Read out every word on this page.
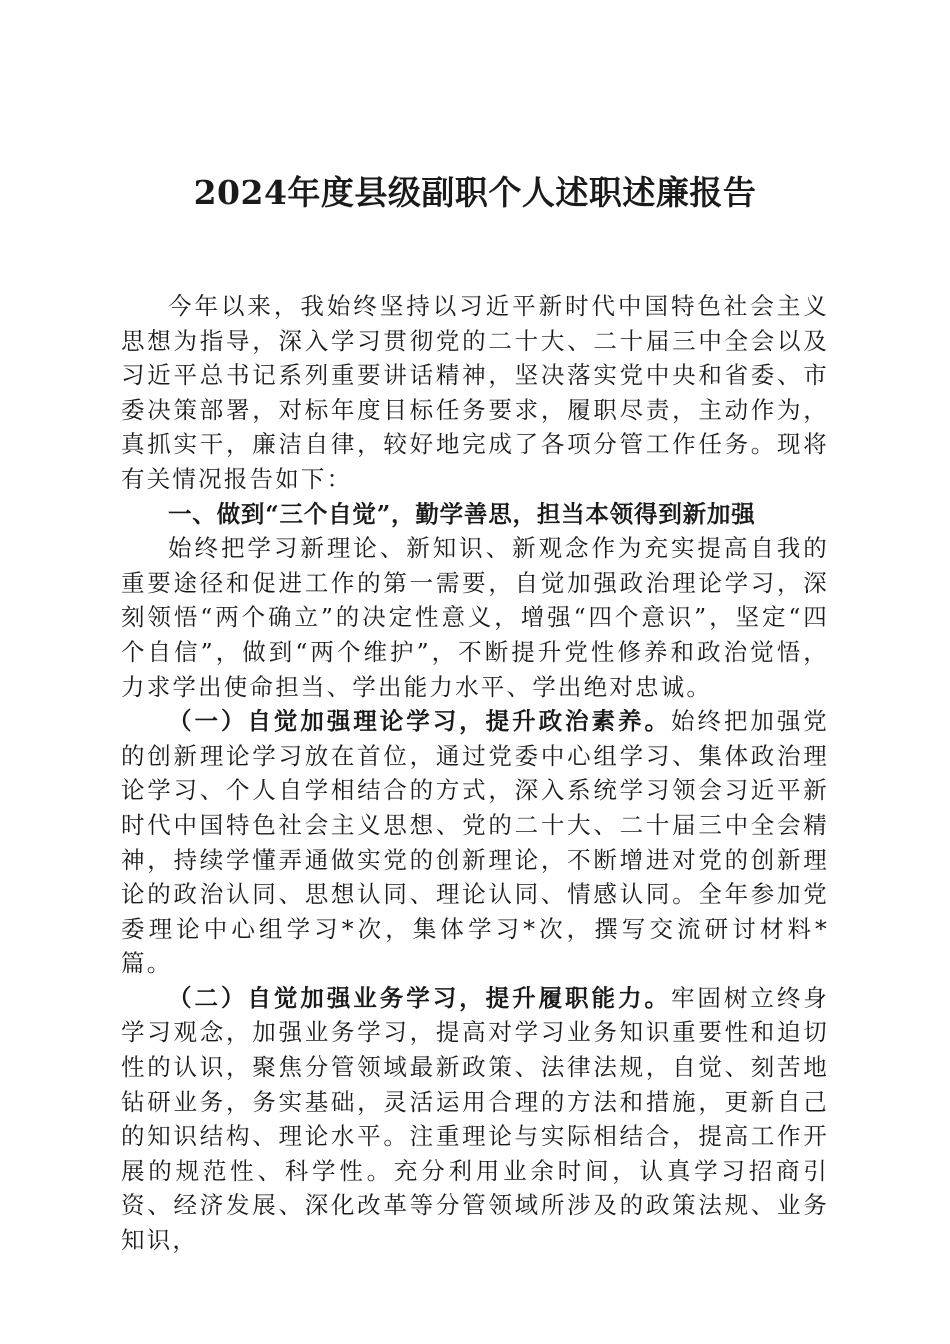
2024年度县级副职个人述职述廉报告

今年以来，我始终坚持以习近平新时代中国特色社会主义思想为指导，深入学习贯彻党的二十大、二十届三中全会以及习近平总书记系列重要讲话精神，坚决落实党中央和省委、市委决策部署，对标年度目标任务要求，履职尽责，主动作为，真抓实干，廉洁自律，较好地完成了各项分管工作任务。现将有关情况报告如下：

一、做到“三个自觉”，勤学善思，担当本领得到新加强

始终把学习新理论、新知识、新观念作为充实提高自我的重要途径和促进工作的第一需要，自觉加强政治理论学习，深刻领悟“两个确立”的决定性意义，增强“四个意识”，坚定“四个自信”，做到“两个维护”，不断提升党性修养和政治觉悟，力求学出使命担当、学出能力水平、学出绝对忠诚。

（一）自觉加强理论学习，提升政治素养。始终把加强党的创新理论学习放在首位，通过党委中心组学习、集体政治理论学习、个人自学相结合的方式，深入系统学习领会习近平新时代中国特色社会主义思想、党的二十大、二十届三中全会精神，持续学懂弄通做实党的创新理论，不断增进对党的创新理论的政治认同、思想认同、理论认同、情感认同。全年参加党委理论中心组学习*次，集体学习*次，撰写交流研讨材料*篇。

（二）自觉加强业务学习，提升履职能力。牢固树立终身学习观念，加强业务学习，提高对学习业务知识重要性和迫切性的认识，聚焦分管领域最新政策、法律法规，自觉、刻苦地钻研业务，务实基础，灵活运用合理的方法和措施，更新自己的知识结构、理论水平。注重理论与实际相结合，提高工作开展的规范性、科学性。充分利用业余时间，认真学习招商引资、经济发展、深化改革等分管领域所涉及的政策法规、业务知识，
